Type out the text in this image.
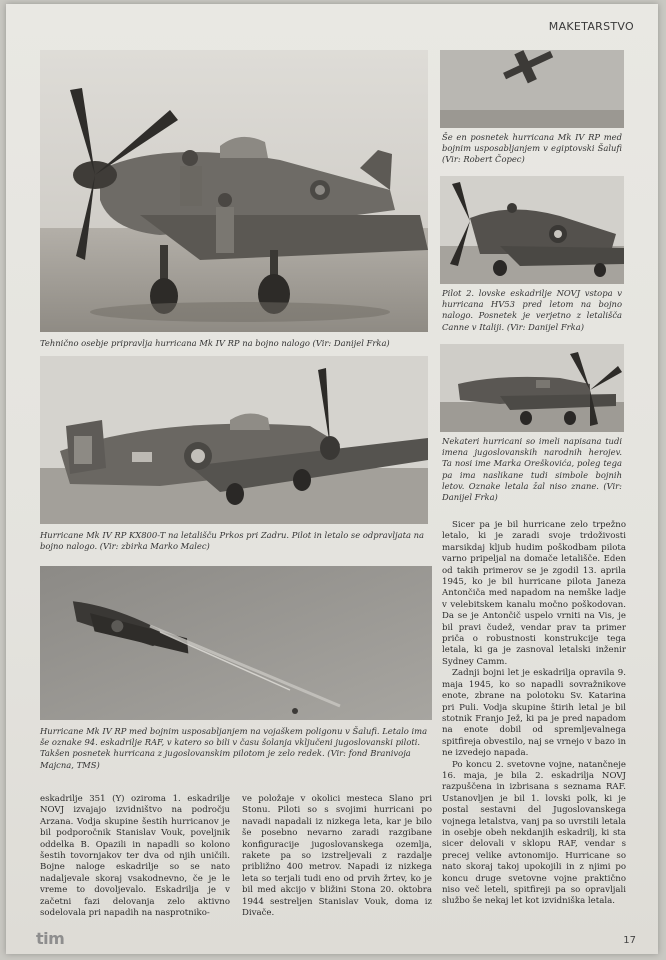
MAKETARSTVO
Tehnično osebje pripravlja hurricana Mk IV RP na bojno nalogo (Vir: Danijel Frka)
Še en posnetek hurricana Mk IV RP med bojnim usposabljanjem v egiptovski Šalufi (Vir: Robert Čopec)
Pilot 2. lovske eskadrilje NOVJ vstopa v hurricana HV53 pred letom na bojno nalogo. Posnetek je verjetno z letališča Canne v Italiji. (Vir: Danijel Frka)
Nekateri hurricani so imeli napisana tudi imena jugoslovanskih narodnih herojev. Ta nosi ime Marka Oreškovića, poleg tega pa ima naslikane tudi simbole bojnih letov. Oznake letala žal niso znane. (Vir: Danijel Frka)
Hurricane Mk IV RP KX800-T na letališču Prkos pri Zadru. Pilot in letalo se odpravljata na bojno nalogo. (Vir: zbirka Marko Malec)
Hurricane Mk IV RP med bojnim usposabljanjem na vojaškem poligonu v Šalufi. Letalo ima še oznake 94. eskadrilje RAF, v katero so bili v času šolanja vključeni jugoslovanski piloti. Takšen posnetek hurricana z jugoslovanskim pilotom je zelo redek. (Vir: fond Branivoja Majcna, TMS)

Sicer pa je bil hurricane zelo trpežno letalo, ki je zaradi svoje trdoživosti marsikdaj kljub hudim poškodbam pilota varno pripeljal na domače letališče. Eden od takih primerov se je zgodil 13. aprila 1945, ko je bil hurricane pilota Janeza Antončiča med napadom na nemške ladje v velebitskem kanalu močno poškodovan. Da se je Antončič uspelo vrniti na Vis, je bil pravi čudež, vendar prav ta primer priča o robustnosti konstrukcije tega letala, ki ga je zasnoval letalski inženir Sydney Camm.

Zadnji bojni let je eskadrilja opravila 9. maja 1945, ko so napadli sovražnikove enote, zbrane na polotoku Sv. Katarina pri Puli. Vodja skupine štirih letal je bil stotnik Franjo Jež, ki pa je pred napadom na enote dobil od spremljevalnega spitfireja obvestilo, naj se vrnejo v bazo in ne izvedejo napada.

Po koncu 2. svetovne vojne, natančneje 16. maja, je bila 2. eskadrilja NOVJ razpuščena in izbrisana s seznama RAF. Ustanovljen je bil 1. lovski polk, ki je postal sestavni del Jugoslovanskega vojnega letalstva, vanj pa so uvrstili letala in osebje obeh nekdanjih eskadrilj, ki sta sicer delovali v sklopu RAF, vendar s precej velike avtonomijo. Hurricane so nato skoraj takoj upokojili in z njimi po koncu druge svetovne vojne praktično niso več leteli, spitfireji pa so opravljali službo še nekaj let kot izvidniška letala.

eskadrilje 351 (Y) oziroma 1. eskadrilje NOVJ izvajajo izvidništvo na področju Arzana. Vodja skupine šestih hurricanov je bil podporočnik Stanislav Vouk, poveljnik oddelka B. Opazili in napadli so kolono šestih tovornjakov ter dva od njih uničili. Bojne naloge eskadrilje so se nato nadaljevale skoraj vsakodnevno, če je le vreme to dovoljevalo. Eskadrilja je v začetni fazi delovanja zelo aktivno sodelovala pri napadih na nasprotniko-

ve položaje v okolici mesteca Slano pri Stonu. Piloti so s svojimi hurricani po navadi napadali iz nizkega leta, kar je bilo še posebno nevarno zaradi razgibane konfiguracije jugoslovanskega ozemlja, rakete pa so izstreljevali z razdalje približno 400 metrov. Napadi iz nizkega leta so terjali tudi eno od prvih žrtev, ko je bil med akcijo v bližini Stona 20. oktobra 1944 sestreljen Stanislav Vouk, doma iz Divače.

tim	17
